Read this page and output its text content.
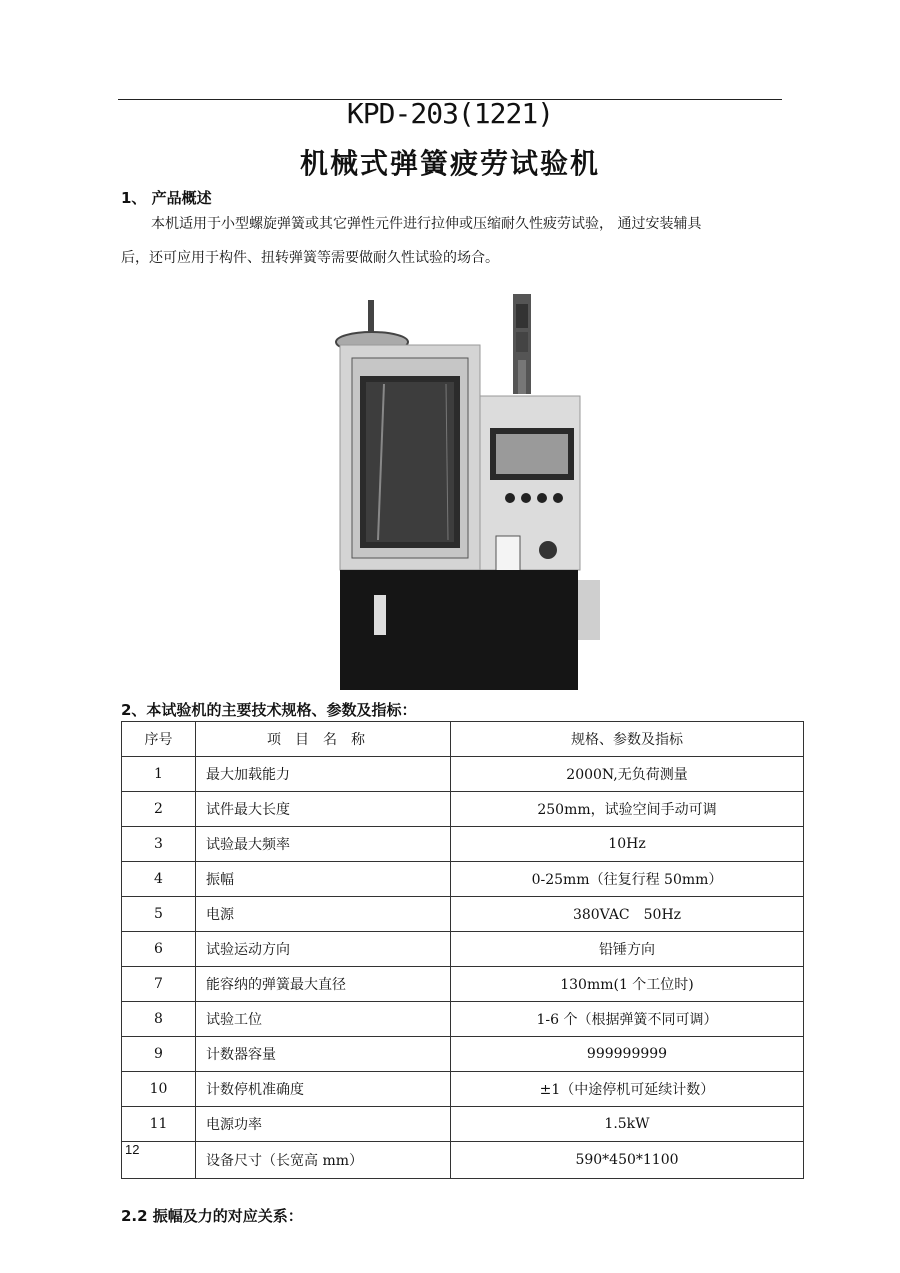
KPD-203(1221)
机械式弹簧疲劳试验机
1、 产品概述
本机适用于小型螺旋弹簧或其它弹性元件进行拉伸或压缩耐久性疲劳试验， 通过安装辅具
后，还可应用于构件、扭转弹簧等需要做耐久性试验的场合。
2、本试验机的主要技术规格、参数及指标：
序号	项目名称	规格、参数及指标
1	最大加载能力	2000N,无负荷测量
2	试件最大长度	250mm，试验空间手动可调
3	试验最大频率	10Hz
4	振幅	0-25mm（往复行程 50mm）
5	电源	380VAC　50Hz
6	试验运动方向	铅锤方向
7	能容纳的弹簧最大直径	130mm(1 个工位时)
8	试验工位	1-6 个（根据弹簧不同可调）
9	计数器容量	999999999
10	计数停机准确度	±1（中途停机可延续计数）
11	电源功率	1.5kW
12	设备尺寸（长宽高 mm）	590*450*1100
2.2 振幅及力的对应关系：
